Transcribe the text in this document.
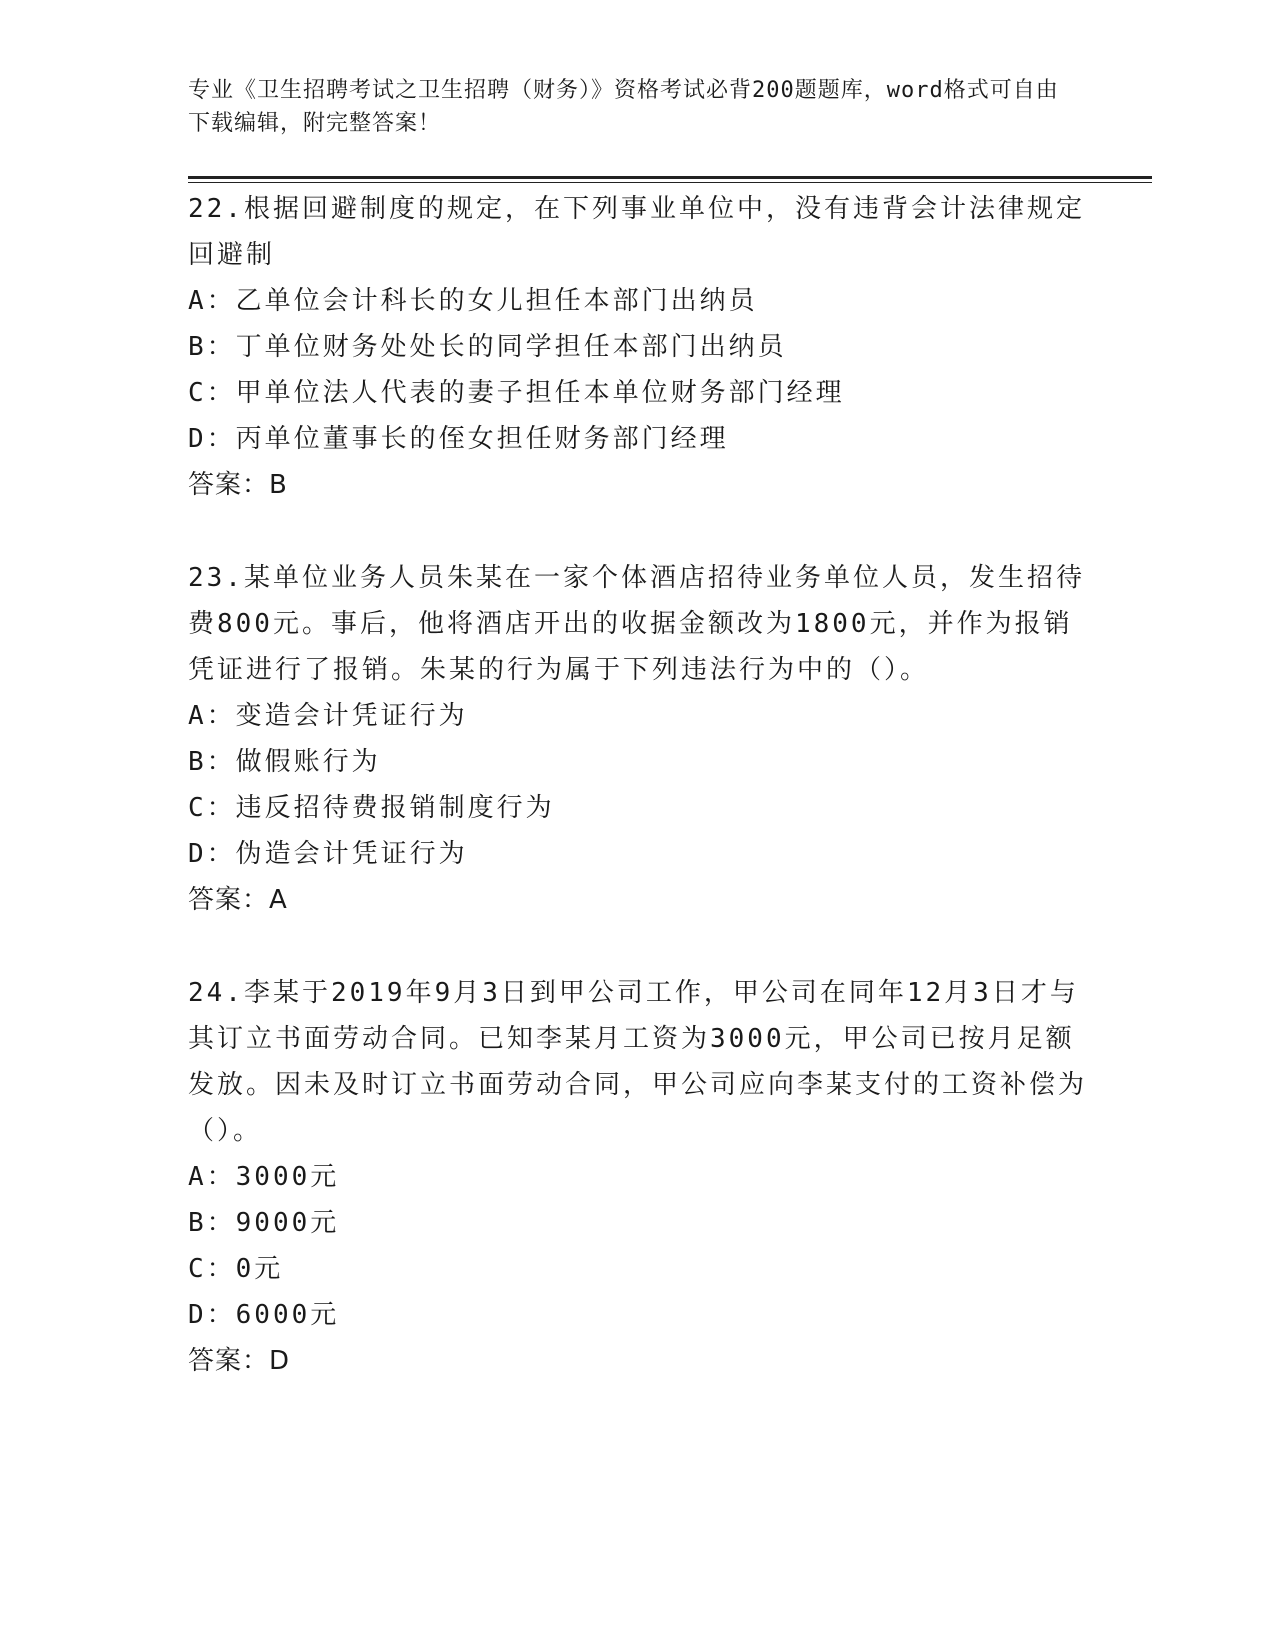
专业《卫生招聘考试之卫生招聘（财务）》资格考试必背200题题库，word格式可自由下载编辑，附完整答案！

22.根据回避制度的规定，在下列事业单位中，没有违背会计法律规定回避制

A：乙单位会计科长的女儿担任本部门出纳员

B：丁单位财务处处长的同学担任本部门出纳员

C：甲单位法人代表的妻子担任本单位财务部门经理

D：丙单位董事长的侄女担任财务部门经理

答案：B

23.某单位业务人员朱某在一家个体酒店招待业务单位人员，发生招待费800元。事后，他将酒店开出的收据金额改为1800元，并作为报销凭证进行了报销。朱某的行为属于下列违法行为中的（）。

A：变造会计凭证行为

B：做假账行为

C：违反招待费报销制度行为

D：伪造会计凭证行为

答案：A

24.李某于2019年9月3日到甲公司工作，甲公司在同年12月3日才与其订立书面劳动合同。已知李某月工资为3000元，甲公司已按月足额发放。因未及时订立书面劳动合同，甲公司应向李某支付的工资补偿为（）。

A：3000元

B：9000元

C：0元

D：6000元

答案：D
